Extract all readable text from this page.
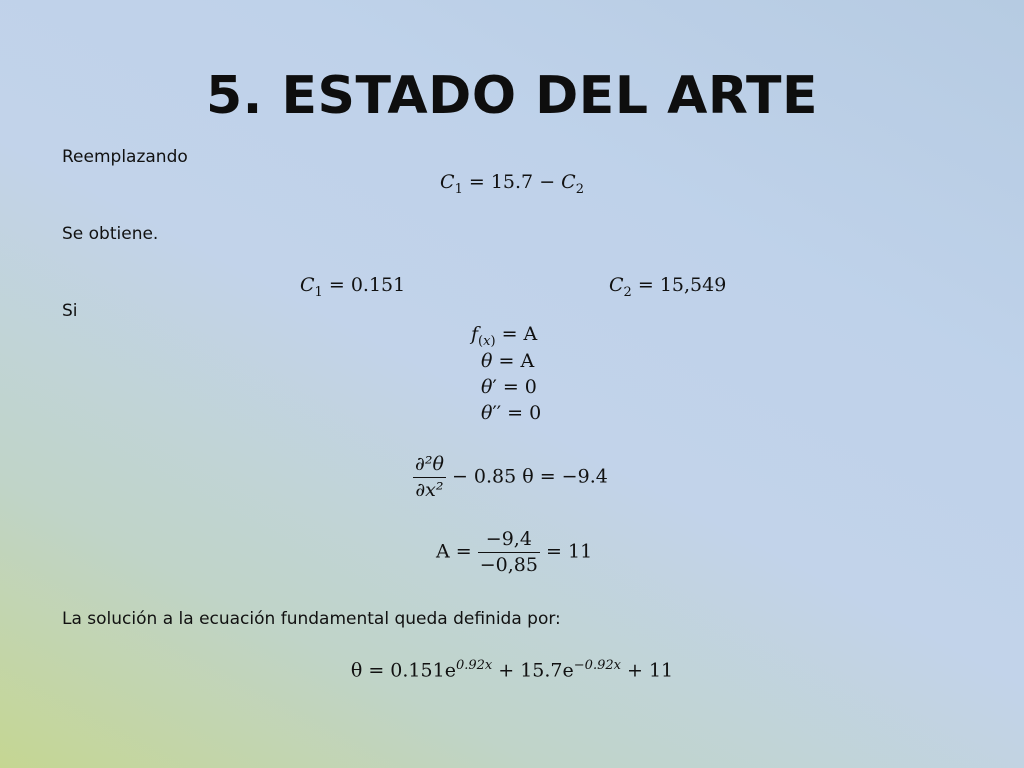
5. ESTADO DEL ARTE
Reemplazando
$C_1 = 15.7 - C_2$
Se obtiene.
$C_1 = 0.151$	$C_2 = 15,549$
Si
$f_{(x)} = A$
θ = A
θ′ = 0
θ′′ = 0
$\frac{\text{∂²θ}}{\text{∂x²}} - 0.85$ θ = −9.4
$A = \frac{-9,4}{-0,85} = 11$
La solución a la ecuación fundamental queda definida por:
$\theta = 0.151e^{0.92x} + 15.7e^{-0.92x} + 11$
